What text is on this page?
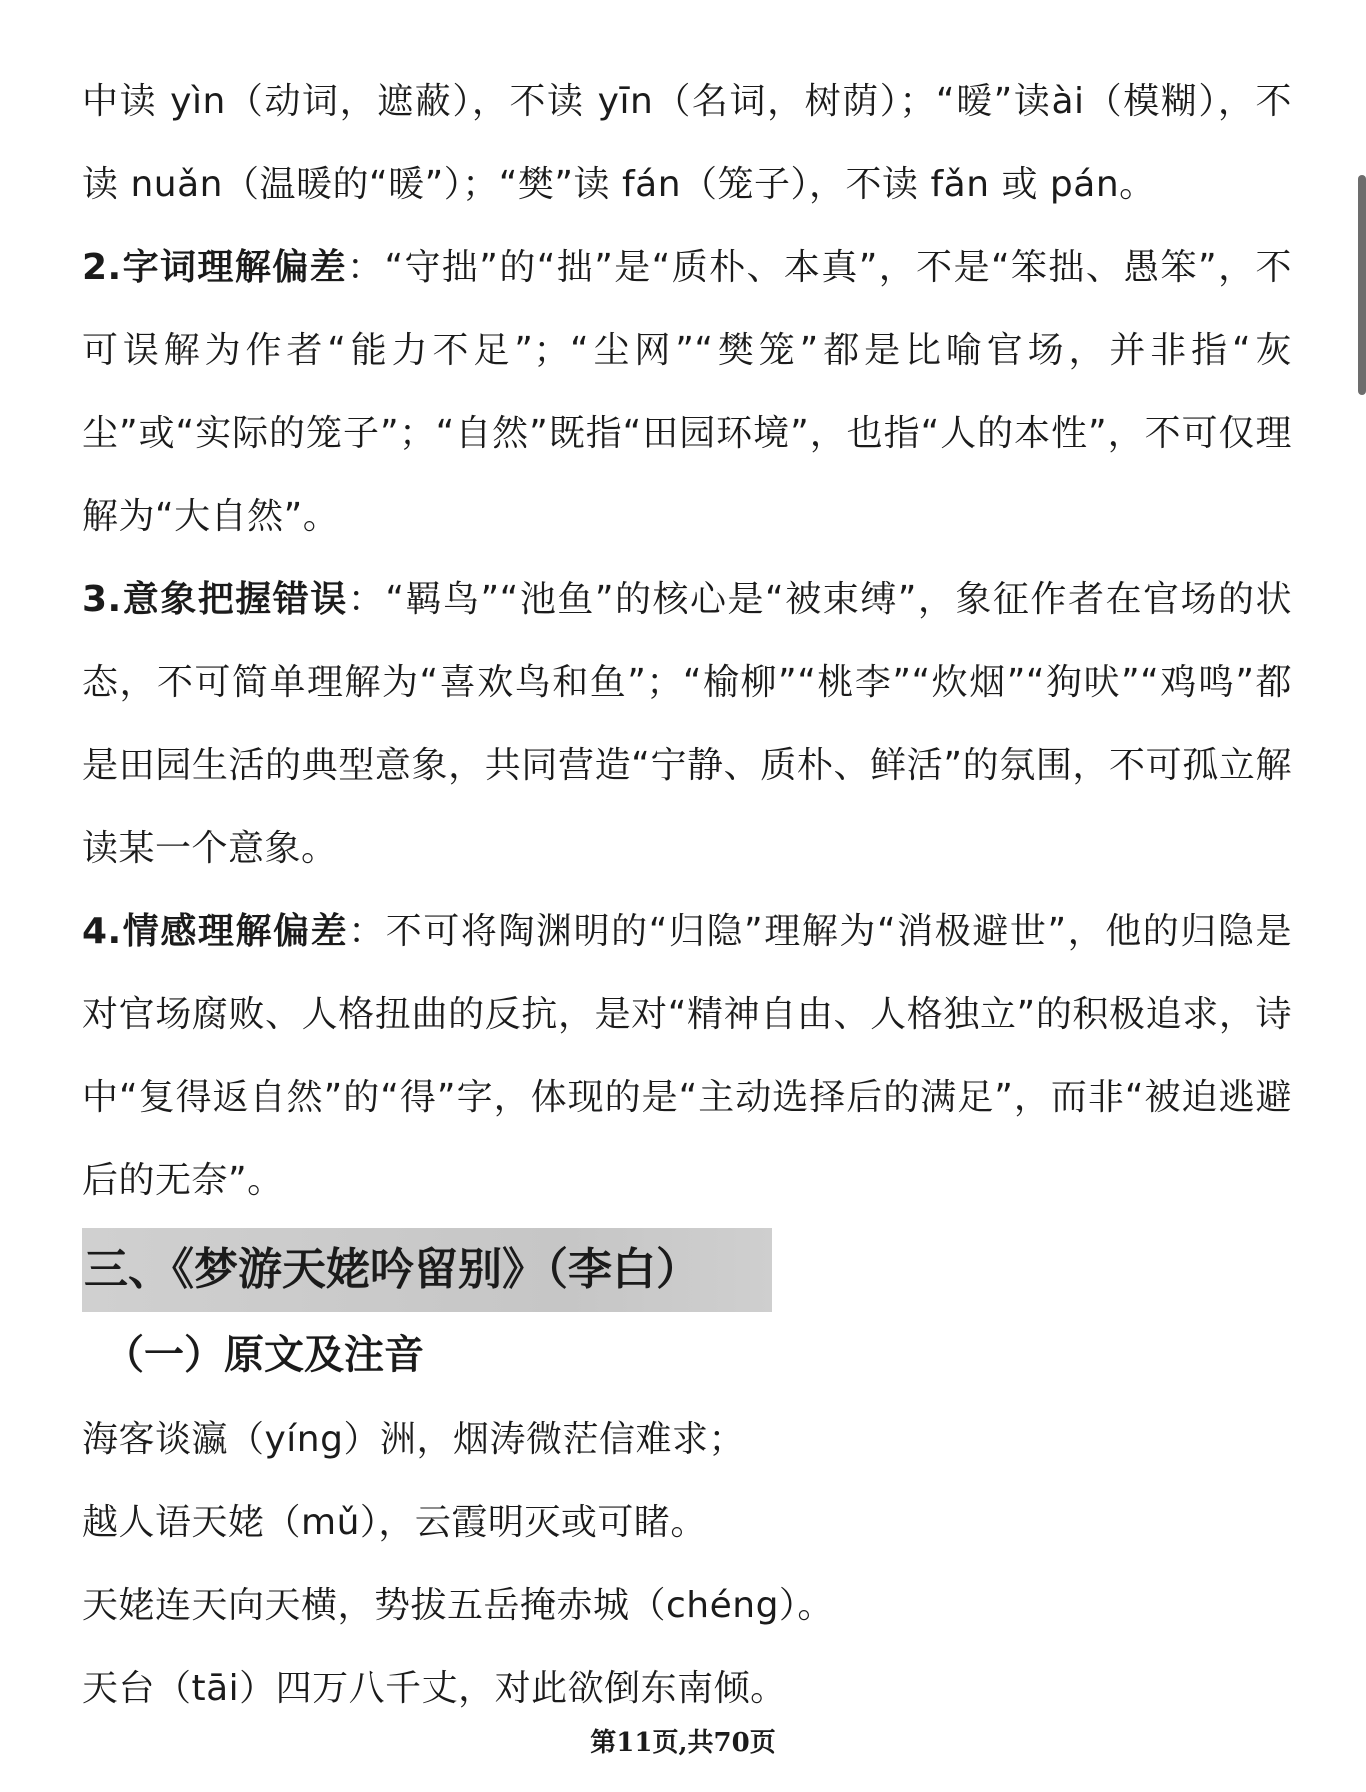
中读 yìn（动词，遮蔽），不读 yīn（名词，树荫）；“暧”读ài（模糊），不读 nuǎn（温暖的“暖”）；“樊”读 fán（笼子），不读 fǎn 或 pán。

2.字词理解偏差：“守拙”的“拙”是“质朴、本真”，不是“笨拙、愚笨”，不可误解为作者“能力不足”；“尘网”“樊笼”都是比喻官场，并非指“灰尘”或“实际的笼子”；“自然”既指“田园环境”，也指“人的本性”，不可仅理解为“大自然”。

3.意象把握错误：“羁鸟”“池鱼”的核心是“被束缚”，象征作者在官场的状态，不可简单理解为“喜欢鸟和鱼”；“榆柳”“桃李”“炊烟”“狗吠”“鸡鸣”都是田园生活的典型意象，共同营造“宁静、质朴、鲜活”的氛围，不可孤立解读某一个意象。

4.情感理解偏差：不可将陶渊明的“归隐”理解为“消极避世”，他的归隐是对官场腐败、人格扭曲的反抗，是对“精神自由、人格独立”的积极追求，诗中“复得返自然”的“得”字，体现的是“主动选择后的满足”，而非“被迫逃避后的无奈”。

三、《梦游天姥吟留别》（李白）

（一）原文及注音

海客谈瀛（yíng）洲，烟涛微茫信难求；

越人语天姥（mǔ），云霞明灭或可睹。

天姥连天向天横，势拔五岳掩赤城（chéng）。

天台（tāi）四万八千丈，对此欲倒东南倾。

第11页,共70页
